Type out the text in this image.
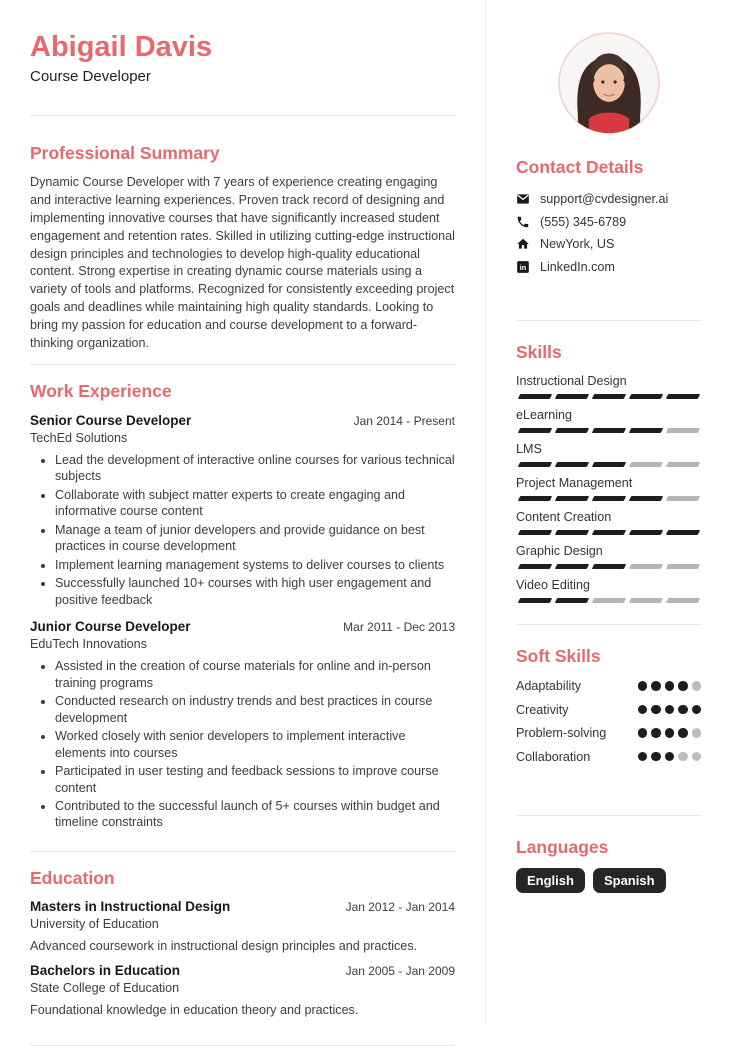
Abigail Davis
Course Developer
Professional Summary

Dynamic Course Developer with 7 years of experience creating engaging and interactive learning experiences. Proven track record of designing and implementing innovative courses that have significantly increased student engagement and retention rates. Skilled in utilizing cutting-edge instructional design principles and technologies to develop high-quality educational content. Strong expertise in creating dynamic course materials using a variety of tools and platforms. Recognized for consistently exceeding project goals and deadlines while maintaining high quality standards. Looking to bring my passion for education and course development to a forward-thinking organization.

Work Experience
Senior Course Developer	Jan 2014 - Present
TechEd Solutions
• Lead the development of interactive online courses for various technical subjects
• Collaborate with subject matter experts to create engaging and informative course content
• Manage a team of junior developers and provide guidance on best practices in course development
• Implement learning management systems to deliver courses to clients
• Successfully launched 10+ courses with high user engagement and positive feedback
Junior Course Developer	Mar 2011 - Dec 2013
EduTech Innovations
• Assisted in the creation of course materials for online and in-person training programs
• Conducted research on industry trends and best practices in course development
• Worked closely with senior developers to implement interactive elements into courses
• Participated in user testing and feedback sessions to improve course content
• Contributed to the successful launch of 5+ courses within budget and timeline constraints
Education
Masters in Instructional Design	Jan 2012 - Jan 2014
University of Education
Advanced coursework in instructional design principles and practices.
Bachelors in Education	Jan 2005 - Jan 2009
State College of Education
Foundational knowledge in education theory and practices.
Contact Details
support@cvdesigner.ai
(555) 345-6789
NewYork, US
in LinkedIn.com
Skills
Instructional Design
eLearning
LMS
Project Management
Content Creation
Graphic Design
Video Editing
Soft Skills
Adaptability
Creativity
Problem-solving
Collaboration
Languages
English	Spanish
